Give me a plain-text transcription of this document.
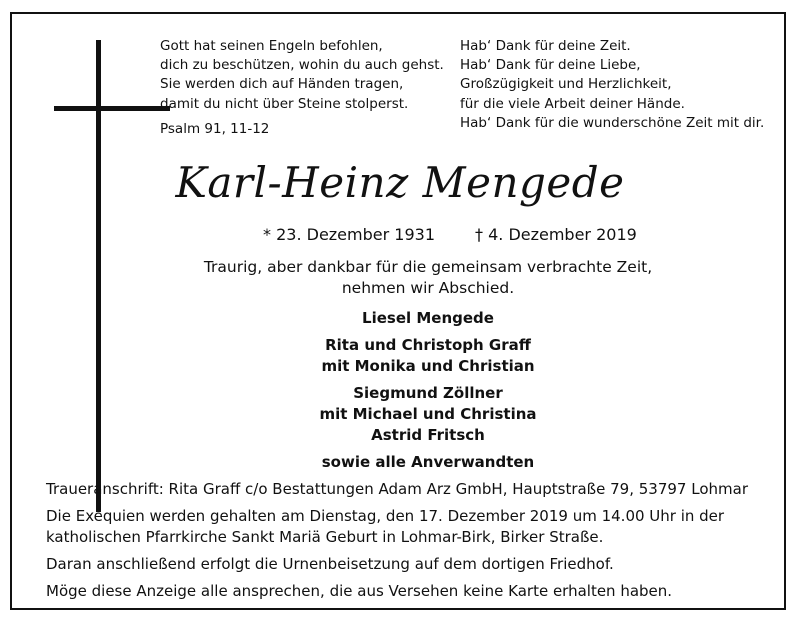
Gott hat seinen Engeln befohlen,
dich zu beschützen, wohin du auch gehst.
Sie werden dich auf Händen tragen,
damit du nicht über Steine stolperst.
Psalm 91, 11-12
Hab‘ Dank für deine Zeit.
Hab‘ Dank für deine Liebe,
Großzügigkeit und Herzlichkeit,
für die viele Arbeit deiner Hände.
Hab‘ Dank für die wunderschöne Zeit mit dir.
Karl-Heinz Mengede
* 23. Dezember 1931	† 4. Dezember 2019
Traurig, aber dankbar für die gemeinsam verbrachte Zeit,
nehmen wir Abschied.
Liesel Mengede
Rita und Christoph Graff
mit Monika und Christian
Siegmund Zöllner
mit Michael und Christina
Astrid Fritsch
sowie alle Anverwandten

Traueranschrift: Rita Graff c/o Bestattungen Adam Arz GmbH, Hauptstraße 79, 53797 Lohmar

Die Exequien werden gehalten am Dienstag, den 17. Dezember 2019 um 14.00 Uhr in der

katholischen Pfarrkirche Sankt Mariä Geburt in Lohmar-Birk, Birker Straße.

Daran anschließend erfolgt die Urnenbeisetzung auf dem dortigen Friedhof.

Möge diese Anzeige alle ansprechen, die aus Versehen keine Karte erhalten haben.
